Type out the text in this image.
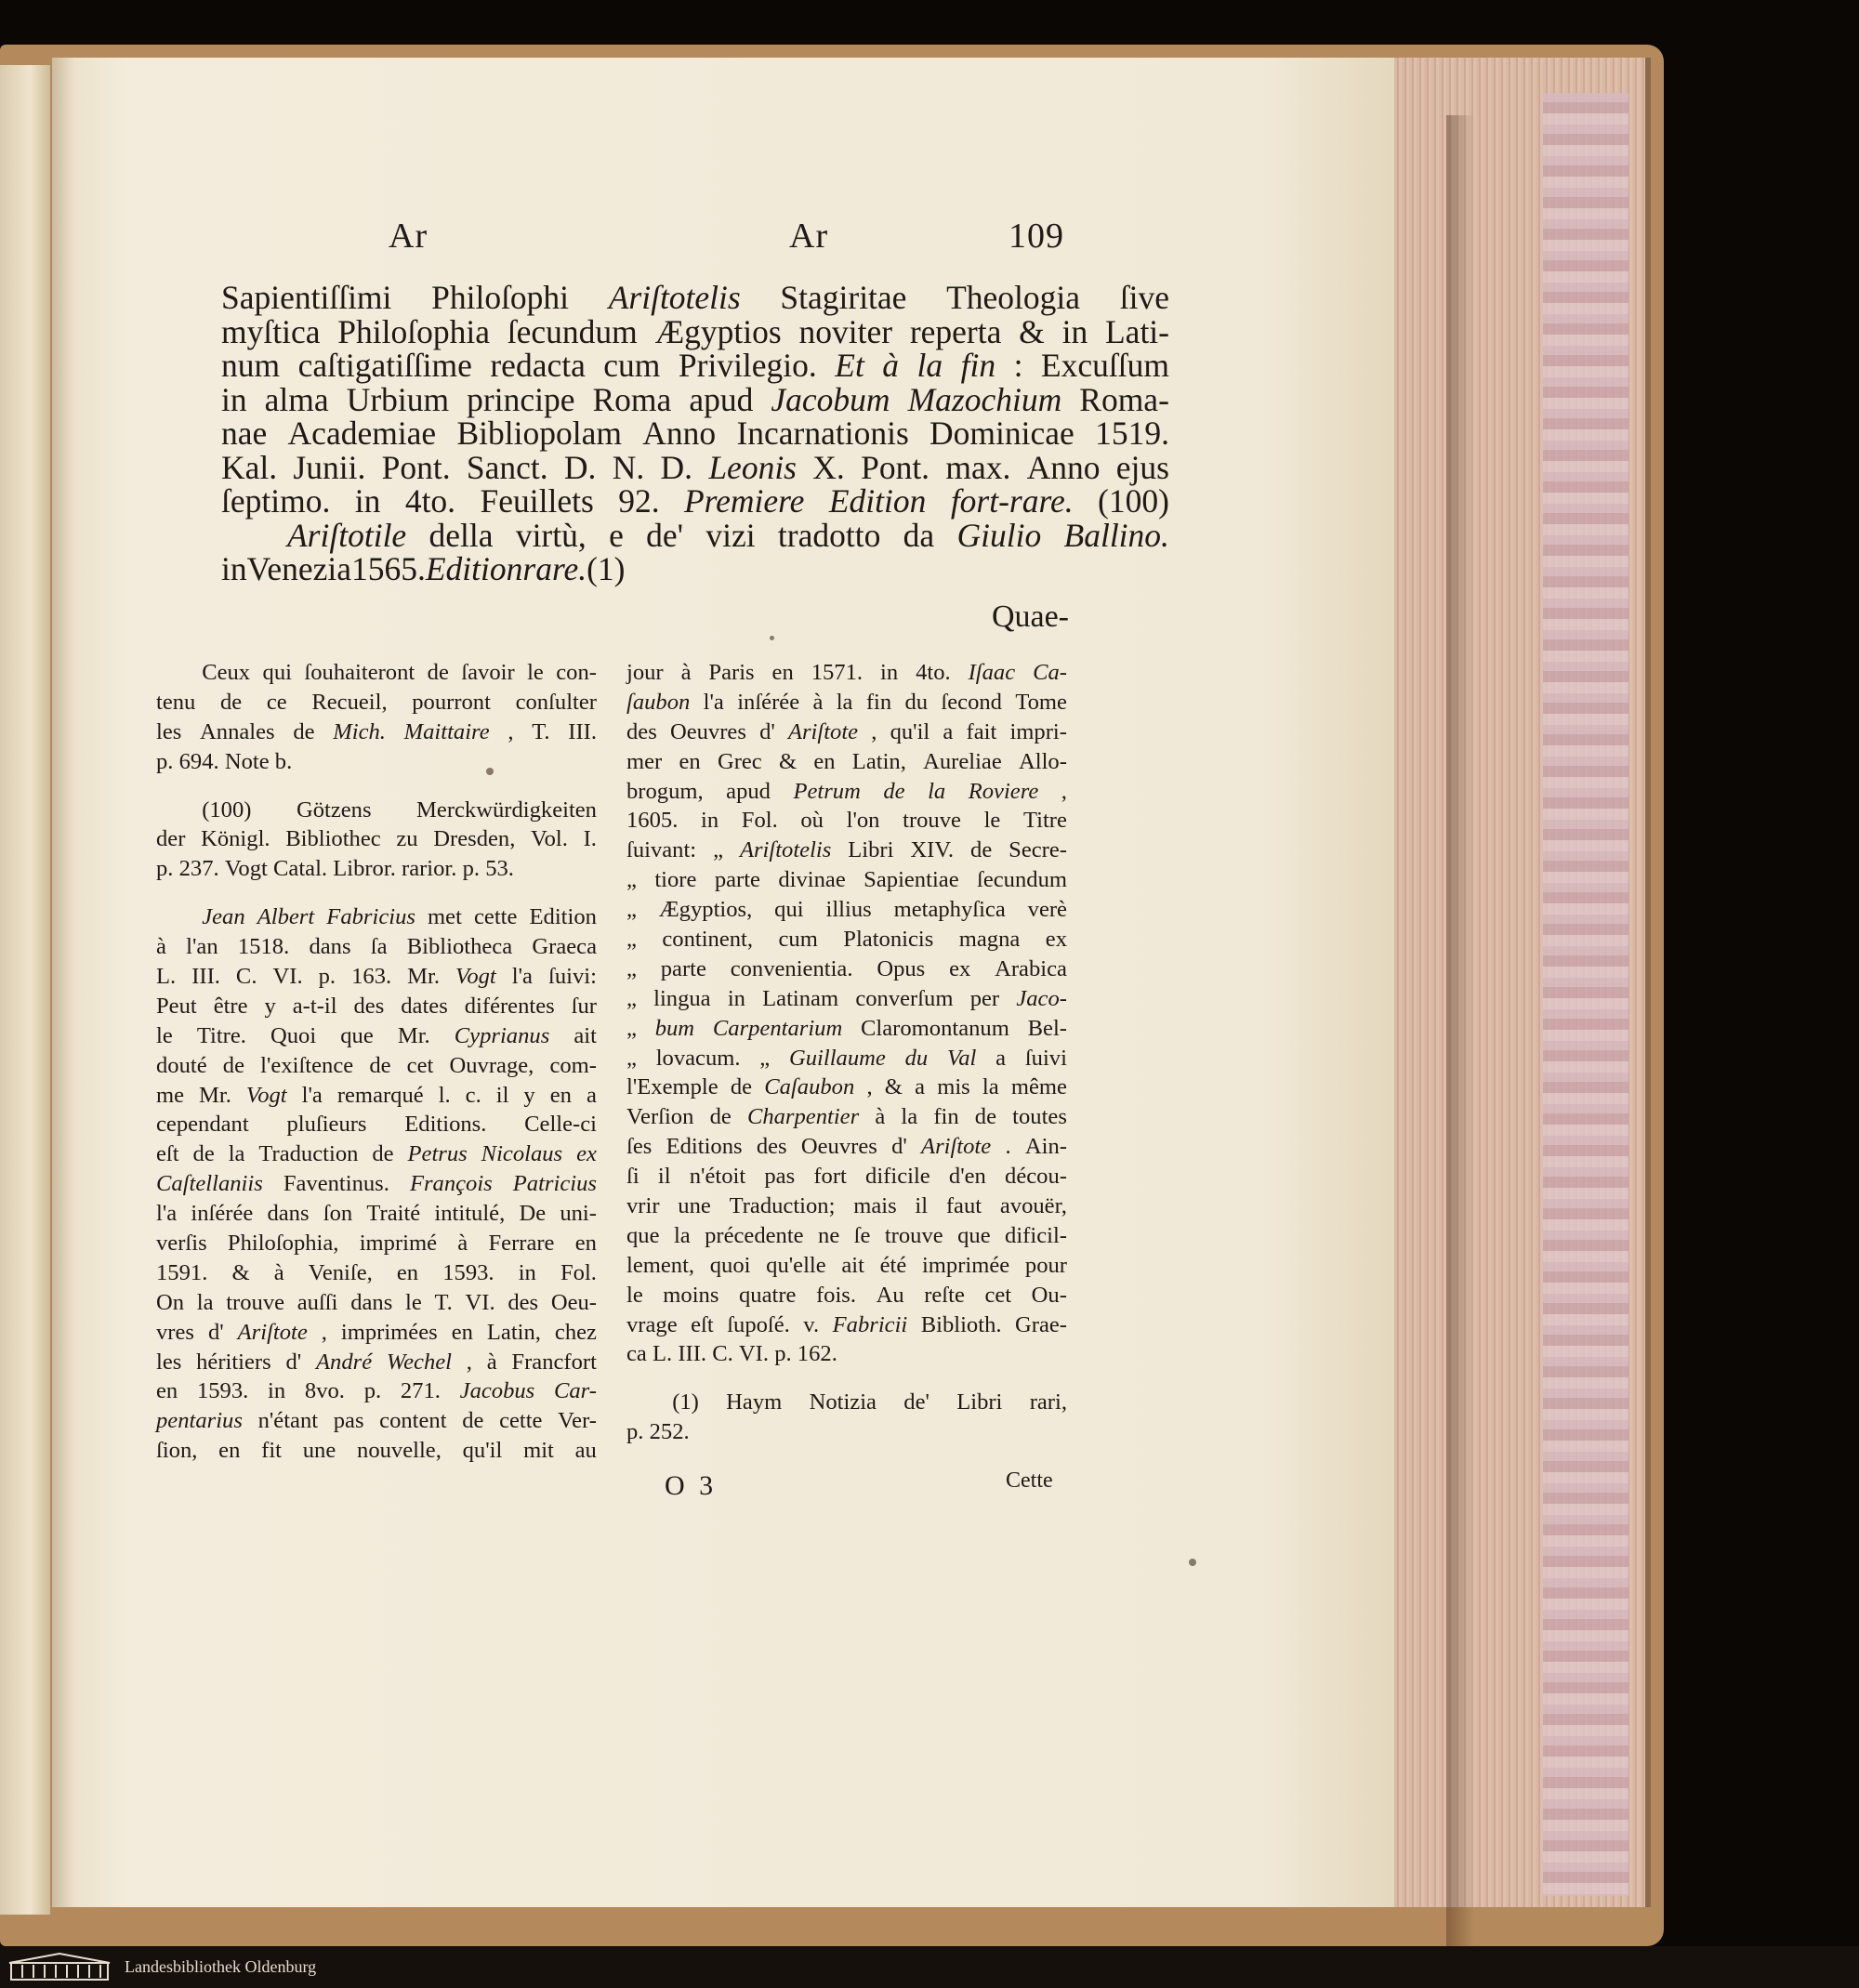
Ar	Ar	109
Sapientiſſimi Philoſophi Ariſtotelis Stagiritae Theologia ſive
myſtica Philoſophia ſecundum Ægyptios noviter reperta & in Lati-
num caſtigatiſſime redacta cum Privilegio. Et à la fin : Excuſſum
in alma Urbium principe Roma apud Jacobum Mazochium Roma-
nae Academiae Bibliopolam Anno Incarnationis Dominicae 1519.
Kal. Junii. Pont. Sanct. D. N. D. Leonis X. Pont. max. Anno ejus
ſeptimo. in 4to. Feuillets 92. Premiere Edition fort-rare. (100)
  Ariſtotile della virtù, e de' vizi tradotto da Giulio Ballino.
in Venezia 1565. Edition rare. (1)
Quae-
  Ceux qui ſouhaiteront de ſavoir le con-
tenu de ce Recueil, pourront conſulter
les Annales de Mich. Maittaire , T. III.
p.
694.
Note
b.
  (100) Götzens Merckwürdigkeiten
der Königl. Bibliothec zu Dresden, Vol. I.
p.
237.
Vogt
Catal.
Libror.
rarior.
p.
53.
  Jean Albert Fabricius met cette Edition
à l'an 1518. dans ſa Bibliotheca Graeca
L. III. C. VI. p. 163. Mr. Vogt l'a ſuivi:
Peut être y a-t-il des dates diférentes ſur
le Titre. Quoi que Mr. Cyprianus ait
douté de l'exiſtence de cet Ouvrage, com-
me Mr. Vogt l'a remarqué l. c. il y en a
cependant pluſieurs Editions. Celle-ci
eſt de la Traduction de Petrus Nicolaus ex
Caſtellaniis Faventinus. François Patricius
l'a inſérée dans ſon Traité intitulé, De uni-
verſis Philoſophia, imprimé à Ferrare en
1591. & à Veniſe, en 1593. in Fol.
On la trouve auſſi dans le T. VI. des Oeu-
vres d' Ariſtote , imprimées en Latin, chez
les héritiers d' André Wechel , à Francfort
en 1593. in 8vo. p. 271. Jacobus Car-
pentarius n'étant pas content de cette Ver-
ſion,
en
fit
une
nouvelle,
qu'il
mit
au
jour à Paris en 1571. in 4to. Iſaac Ca-
ſaubon l'a inſérée à la fin du ſecond Tome
des Oeuvres d' Ariſtote , qu'il a fait impri-
mer en Grec & en Latin, Aureliae Allo-
brogum, apud Petrum de la Roviere ,
1605. in Fol. où l'on trouve le Titre
ſuivant: „ Ariſtotelis Libri XIV. de Secre-
„ tiore parte divinae Sapientiae ſecundum
„ Ægyptios, qui illius metaphyſica verè
„ continent, cum Platonicis magna ex
„ parte convenientia. Opus ex Arabica
„ lingua in Latinam converſum per Jaco-
„ bum Carpentarium Claromontanum Bel-
„ lovacum. „ Guillaume du Val a ſuivi
l'Exemple de Caſaubon , & a mis la même
Verſion de Charpentier à la fin de toutes
ſes Editions des Oeuvres d' Ariſtote . Ain-
ſi il n'étoit pas fort dificile d'en décou-
vrir une Traduction; mais il faut avouër,
que la précedente ne ſe trouve que dificil-
lement, quoi qu'elle ait été imprimée pour
le moins quatre fois. Au reſte cet Ou-
vrage eſt ſupoſé. v. Fabricii Biblioth. Grae-
ca
L.
III.
C.
VI.
p.
162.
  (1) Haym Notizia de' Libri rari,
p.
252.
O 3	Cette
Landesbibliothek Oldenburg
